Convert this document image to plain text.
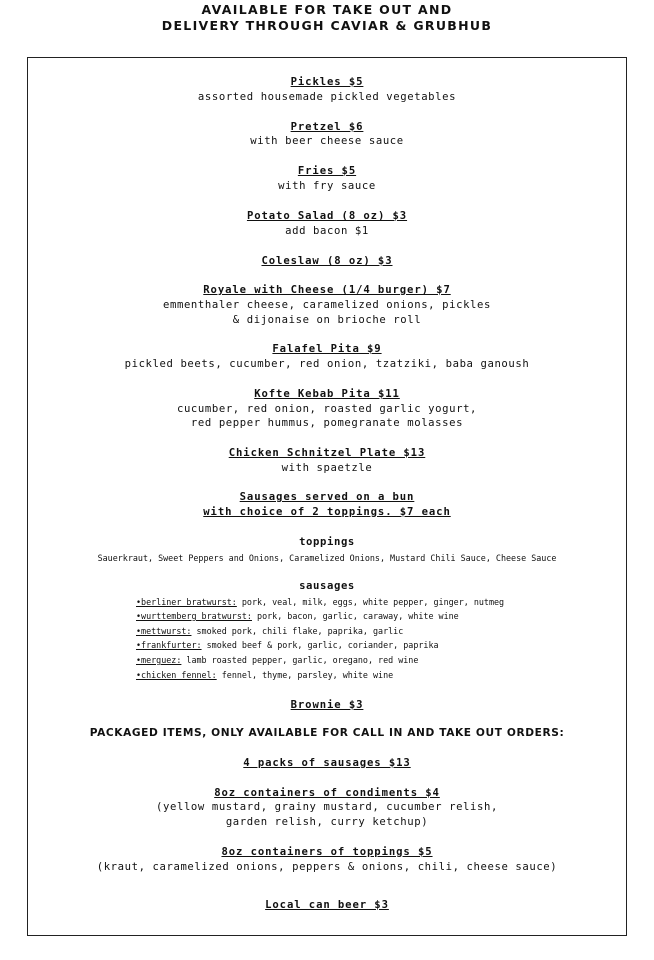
AVAILABLE FOR TAKE OUT AND
DELIVERY THROUGH CAVIAR & GRUBHUB
Pickles $5
assorted housemade pickled vegetables
Pretzel $6
with beer cheese sauce
Fries $5
with fry sauce
Potato Salad (8 oz) $3
add bacon $1
Coleslaw (8 oz) $3
Royale with Cheese (1/4 burger) $7
emmenthaler cheese, caramelized onions, pickles
& dijonaise on brioche roll
Falafel Pita $9
pickled beets, cucumber, red onion, tzatziki, baba ganoush
Kofte Kebab Pita $11
cucumber, red onion, roasted garlic yogurt,
red pepper hummus, pomegranate molasses
Chicken Schnitzel Plate $13
with spaetzle
Sausages served on a bun
with choice of 2 toppings. $7 each
toppings
Sauerkraut, Sweet Peppers and Onions, Caramelized Onions, Mustard Chili Sauce, Cheese Sauce
sausages
•berliner bratwurst: pork, veal, milk, eggs, white pepper, ginger, nutmeg
•wurttemberg bratwurst: pork, bacon, garlic, caraway, white wine
•mettwurst: smoked pork, chili flake, paprika, garlic
•frankfurter: smoked beef & pork, garlic, coriander, paprika
•merguez: lamb roasted pepper, garlic, oregano, red wine
•chicken fennel: fennel, thyme, parsley, white wine
Brownie $3
PACKAGED ITEMS, ONLY AVAILABLE FOR CALL IN AND TAKE OUT ORDERS:
4 packs of sausages $13
8oz containers of condiments $4
(yellow mustard, grainy mustard, cucumber relish,
garden relish, curry ketchup)
8oz containers of toppings $5
(kraut, caramelized onions, peppers & onions, chili, cheese sauce)
Local can beer $3
